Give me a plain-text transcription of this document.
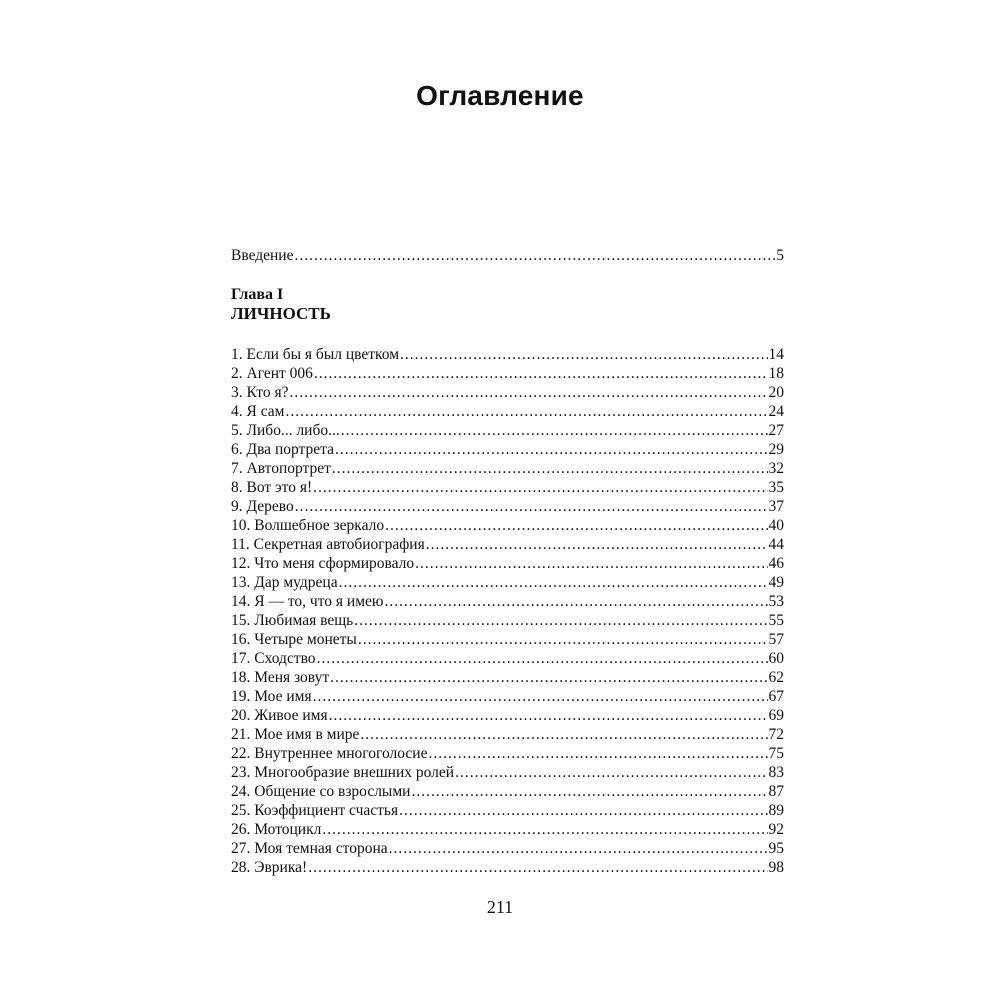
Оглавление
Введение .....	5
Глава I
ЛИЧНОСТЬ
1. Если бы я был цветком .....	14
2. Агент 006 .....	18
3. Кто я? .....	20
4. Я сам .....	24
5. Либо... либо... .....	27
6. Два портрета .....	29
7. Автопортрет .....	32
8. Вот это я! .....	35
9. Дерево .....	37
10. Волшебное зеркало .....	40
11. Секретная автобиография .....	44
12. Что меня сформировало .....	46
13. Дар мудреца .....	49
14. Я — то, что я имею .....	53
15. Любимая вещь .....	55
16. Четыре монеты .....	57
17. Сходство .....	60
18. Меня зовут .....	62
19. Мое имя .....	67
20. Живое имя .....	69
21. Мое имя в мире .....	72
22. Внутреннее многоголосие .....	75
23. Многообразие внешних ролей .....	83
24. Общение со взрослыми .....	87
25. Коэффициент счастья .....	89
26. Мотоцикл .....	92
27. Моя темная сторона .....	95
28. Эврика! .....	98
211
